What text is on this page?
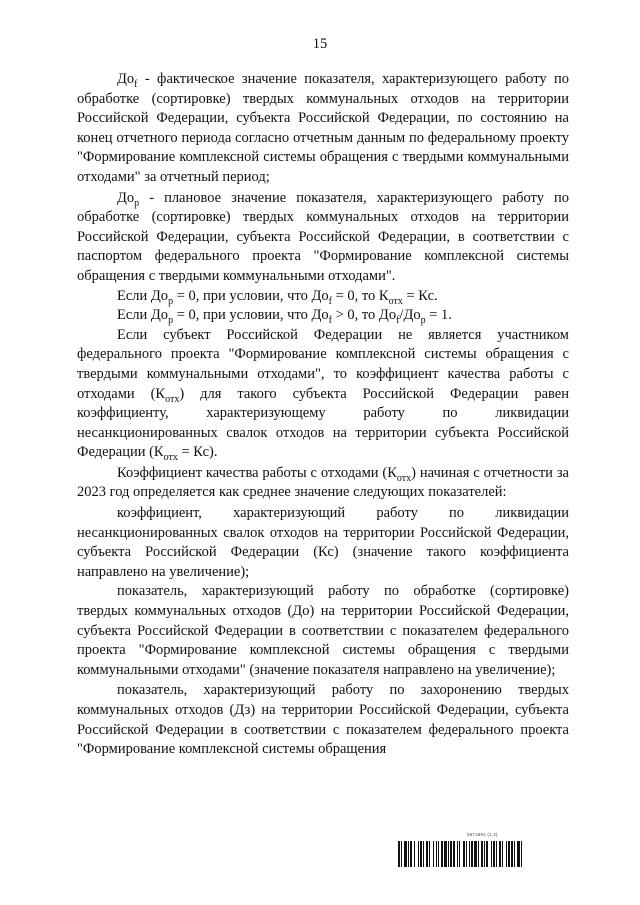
15

$До_f$ - фактическое значение показателя, характеризующего работу по обработке (сортировке) твердых коммунальных отходов на территории Российской Федерации, субъекта Российской Федерации, по состоянию на конец отчетного периода согласно отчетным данным по федеральному проекту "Формирование комплексной системы обращения с твердыми коммунальными отходами" за отчетный период;

$До_р$ - плановое значение показателя, характеризующего работу по обработке (сортировке) твердых коммунальных отходов на территории Российской Федерации, субъекта Российской Федерации, в соответствии с паспортом федерального проекта "Формирование комплексной системы обращения с твердыми коммунальными отходами".

Если $До_р = 0$, при условии, что $До_f = 0$, то $К_{отх}$ = Кс.

Если $До_р = 0$, при условии, что $До_f > 0$, то $До_f/До_р = 1$.

Если субъект Российской Федерации не является участником федерального проекта "Формирование комплексной системы обращения с твердыми коммунальными отходами", то коэффициент качества работы с отходами $(К_{отх})$ для такого субъекта Российской Федерации равен коэффициенту, характеризующему работу по ликвидации несанкционированных свалок отходов на территории субъекта Российской Федерации $(К_{отх} = Кс)$.

Коэффициент качества работы с отходами $(К_{отх})$ начиная с отчетности за 2023 год определяется как среднее значение следующих показателей:

коэффициент, характеризующий работу по ликвидации несанкционированных свалок отходов на территории Российской Федерации, субъекта Российской Федерации (Кс) (значение такого коэффициента направлено на увеличение);

показатель, характеризующий работу по обработке (сортировке) твердых коммунальных отходов (До) на территории Российской Федерации, субъекта Российской Федерации в соответствии с показателем федерального проекта "Формирование комплексной системы обращения с твердыми коммунальными отходами" (значение показателя направлено на увеличение);

показатель, характеризующий работу по захоронению твердых коммунальных отходов (Дз) на территории Российской Федерации, субъекта Российской Федерации в соответствии с показателем федерального проекта "Формирование комплексной системы обращения

5671891 (1.2)
